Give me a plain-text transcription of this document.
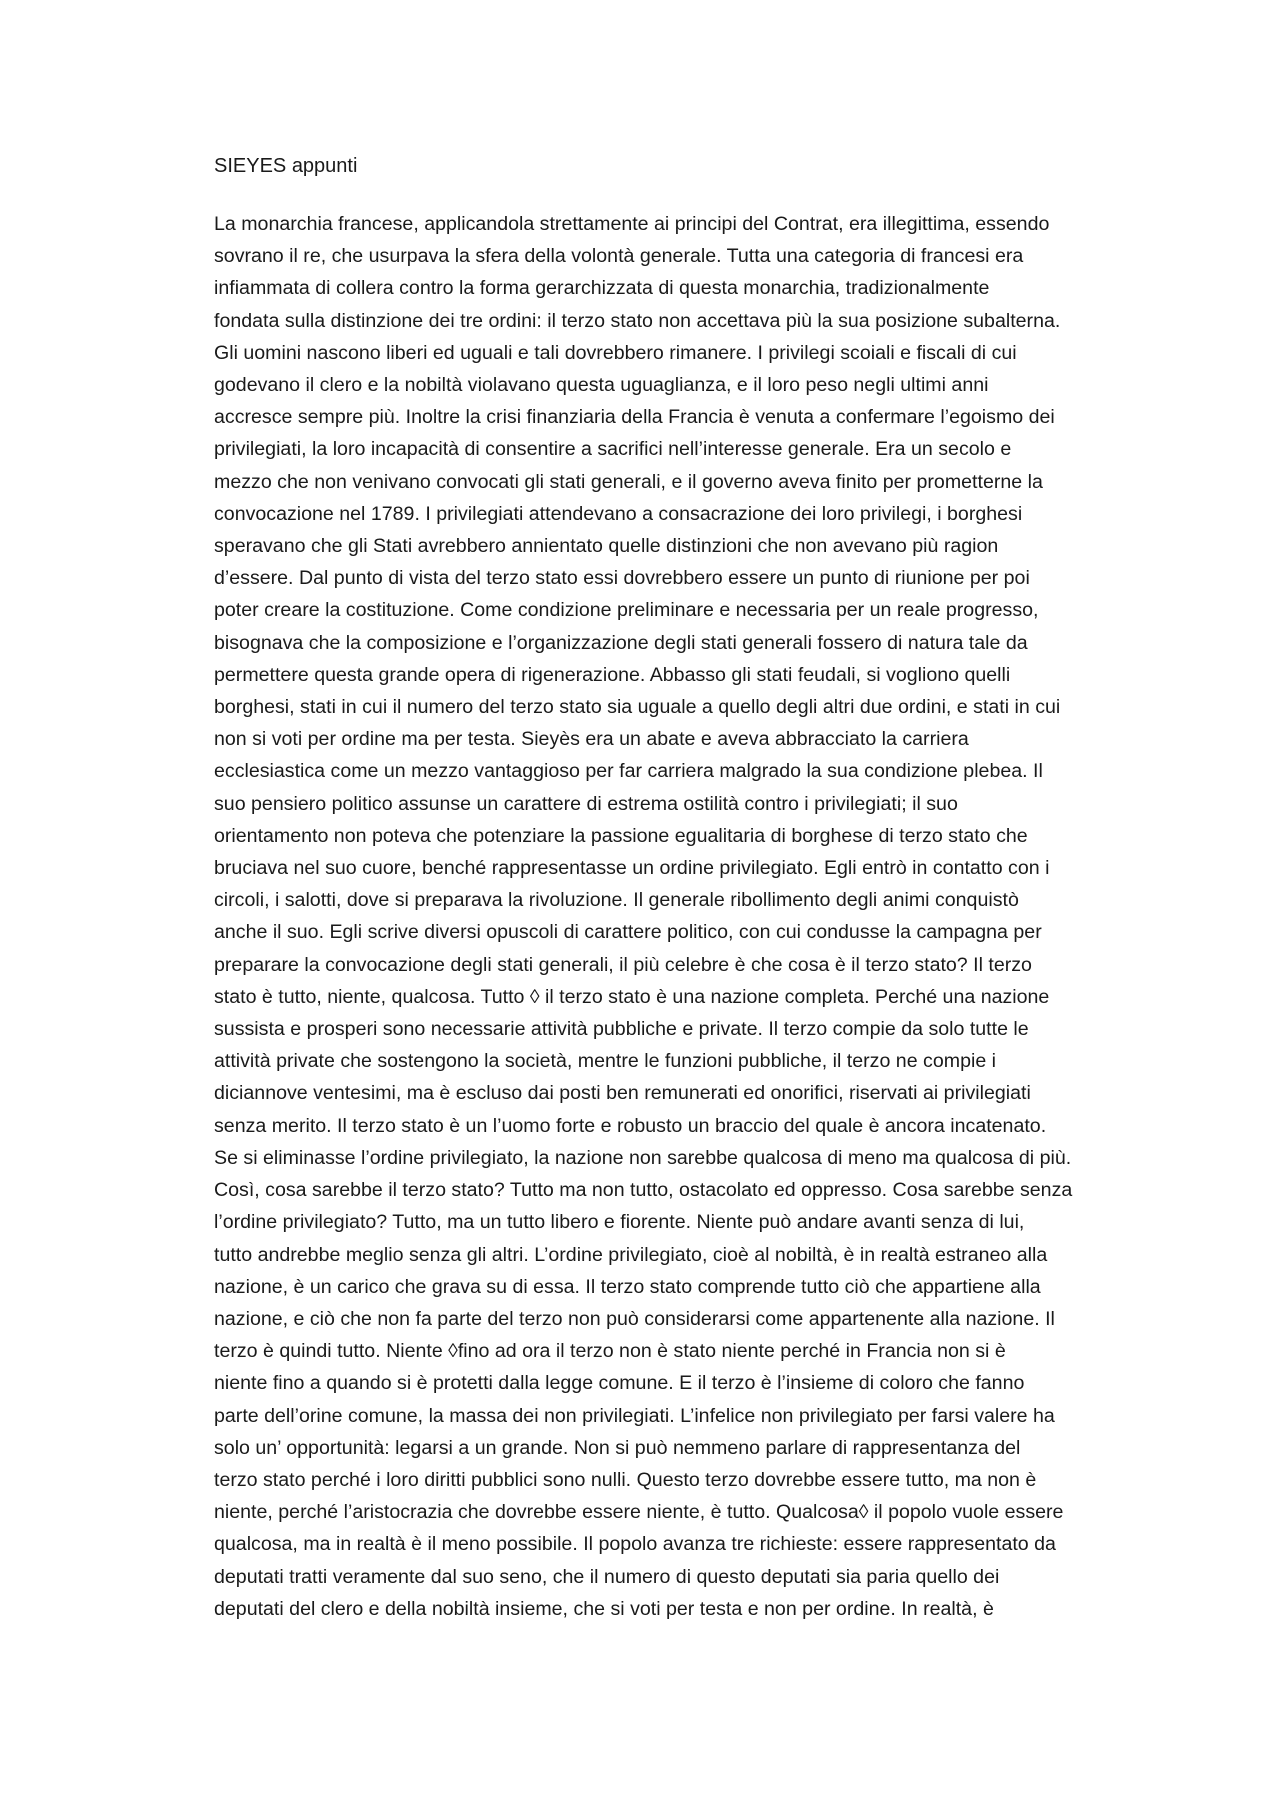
SIEYES appunti
La monarchia francese, applicandola strettamente ai principi del Contrat, era illegittima, essendo
sovrano il re, che usurpava la sfera della volontà generale. Tutta una categoria di francesi era
infiammata di collera contro la forma gerarchizzata di questa monarchia, tradizionalmente
fondata sulla distinzione dei tre ordini: il terzo stato non accettava più la sua posizione subalterna.
Gli uomini nascono liberi ed uguali e tali dovrebbero rimanere. I privilegi scoiali e fiscali di cui
godevano il clero e la nobiltà violavano questa uguaglianza, e il loro peso negli ultimi anni
accresce sempre più. Inoltre la crisi finanziaria della Francia è venuta a confermare l’egoismo dei
privilegiati, la loro incapacità di consentire a sacrifici nell’interesse generale. Era un secolo e
mezzo che non venivano convocati gli stati generali, e il governo aveva finito per prometterne la
convocazione nel 1789. I privilegiati attendevano a consacrazione dei loro privilegi, i borghesi
speravano che gli Stati avrebbero annientato quelle distinzioni che non avevano più ragion
d’essere. Dal punto di vista del terzo stato essi dovrebbero essere un punto di riunione per poi
poter creare la costituzione. Come condizione preliminare e necessaria per un reale progresso,
bisognava che la composizione e l’organizzazione degli stati generali fossero di natura tale da
permettere questa grande opera di rigenerazione. Abbasso gli stati feudali, si vogliono quelli
borghesi, stati in cui il numero del terzo stato sia uguale a quello degli altri due ordini, e stati in cui
non si voti per ordine ma per testa. Sieyès era un abate e aveva abbracciato la carriera
ecclesiastica come un mezzo vantaggioso per far carriera malgrado la sua condizione plebea. Il
suo pensiero politico assunse un carattere di estrema ostilità contro i privilegiati; il suo
orientamento non poteva che potenziare la passione egualitaria di borghese di terzo stato che
bruciava nel suo cuore, benché rappresentasse un ordine privilegiato. Egli entrò in contatto con i
circoli, i salotti, dove si preparava la rivoluzione. Il generale ribollimento degli animi conquistò
anche il suo. Egli scrive diversi opuscoli di carattere politico, con cui condusse la campagna per
preparare la convocazione degli stati generali, il più celebre è che cosa è il terzo stato? Il terzo
stato è tutto, niente, qualcosa. Tutto ◊ il terzo stato è una nazione completa. Perché una nazione
sussista e prosperi sono necessarie attività pubbliche e private. Il terzo compie da solo tutte le
attività private che sostengono la società, mentre le funzioni pubbliche, il terzo ne compie i
diciannove ventesimi, ma è escluso dai posti ben remunerati ed onorifici, riservati ai privilegiati
senza merito. Il terzo stato è un l’uomo forte e robusto un braccio del quale è ancora incatenato.
Se si eliminasse l’ordine privilegiato, la nazione non sarebbe qualcosa di meno ma qualcosa di più.
Così, cosa sarebbe il terzo stato? Tutto ma non tutto, ostacolato ed oppresso. Cosa sarebbe senza
l’ordine privilegiato? Tutto, ma un tutto libero e fiorente. Niente può andare avanti senza di lui,
tutto andrebbe meglio senza gli altri. L’ordine privilegiato, cioè al nobiltà, è in realtà estraneo alla
nazione, è un carico che grava su di essa. Il terzo stato comprende tutto ciò che appartiene alla
nazione, e ciò che non fa parte del terzo non può considerarsi come appartenente alla nazione. Il
terzo è quindi tutto. Niente ◊fino ad ora il terzo non è stato niente perché in Francia non si è
niente fino a quando si è protetti dalla legge comune. E il terzo è l’insieme di coloro che fanno
parte dell’orine comune, la massa dei non privilegiati. L’infelice non privilegiato per farsi valere ha
solo un’ opportunità: legarsi a un grande. Non si può nemmeno parlare di rappresentanza del
terzo stato perché i loro diritti pubblici sono nulli. Questo terzo dovrebbe essere tutto, ma non è
niente, perché l’aristocrazia che dovrebbe essere niente, è tutto. Qualcosa◊ il popolo vuole essere
qualcosa, ma in realtà è il meno possibile. Il popolo avanza tre richieste: essere rappresentato da
deputati tratti veramente dal suo seno, che il numero di questo deputati sia paria quello dei
deputati del clero e della nobiltà insieme, che si voti per testa e non per ordine. In realtà, è
